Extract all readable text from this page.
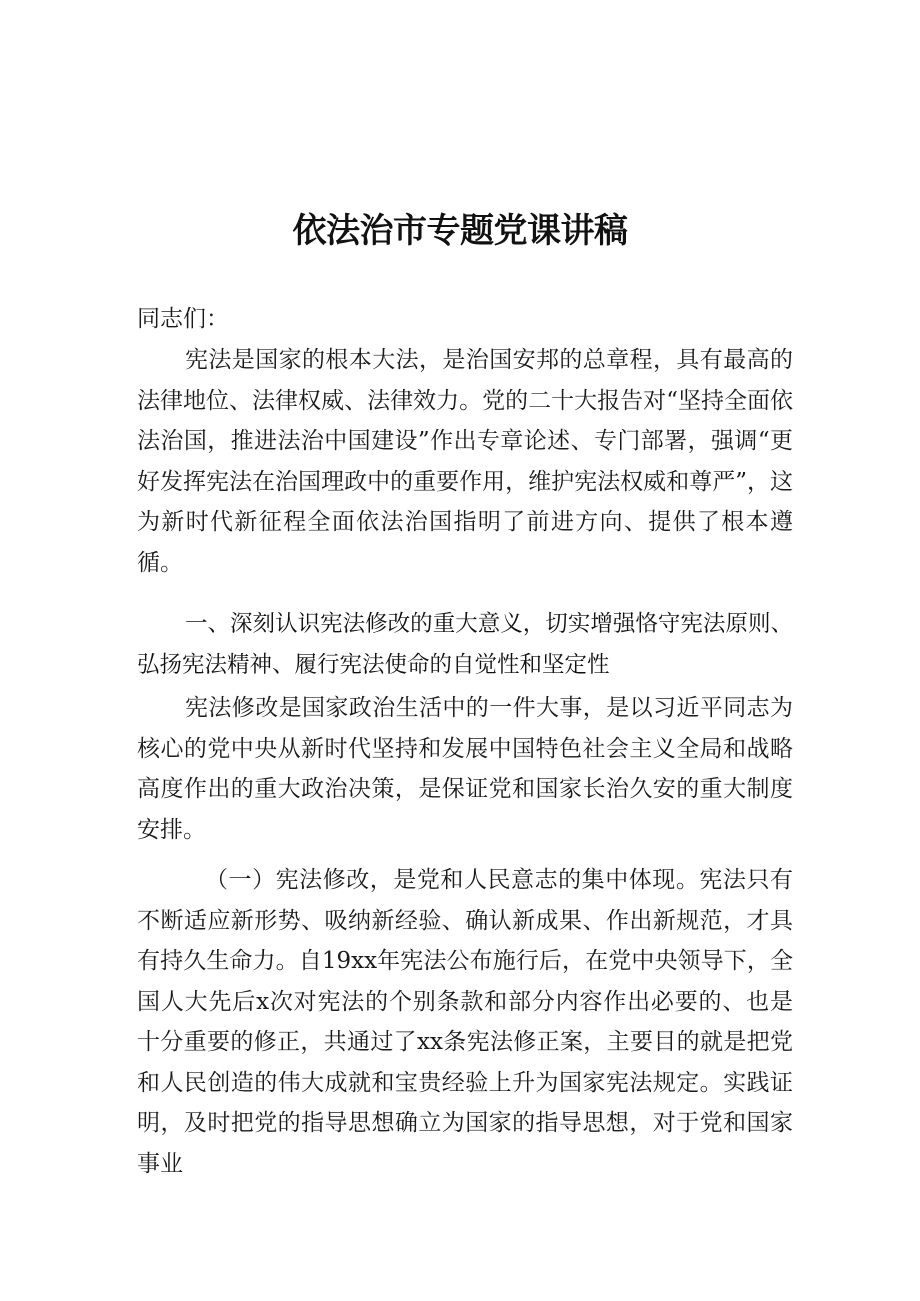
依法治市专题党课讲稿

同志们：

宪法是国家的根本大法，是治国安邦的总章程，具有最高的法律地位、法律权威、法律效力。党的二十大报告对“坚持全面依法治国，推进法治中国建设”作出专章论述、专门部署，强调“更好发挥宪法在治国理政中的重要作用，维护宪法权威和尊严”，这为新时代新征程全面依法治国指明了前进方向、提供了根本遵循。

一、深刻认识宪法修改的重大意义，切实增强恪守宪法原则、弘扬宪法精神、履行宪法使命的自觉性和坚定性

宪法修改是国家政治生活中的一件大事，是以习近平同志为核心的党中央从新时代坚持和发展中国特色社会主义全局和战略高度作出的重大政治决策，是保证党和国家长治久安的重大制度安排。

（一）宪法修改，是党和人民意志的集中体现。宪法只有不断适应新形势、吸纳新经验、确认新成果、作出新规范，才具有持久生命力。自19xx年宪法公布施行后，在党中央领导下，全国人大先后x次对宪法的个别条款和部分内容作出必要的、也是十分重要的修正，共通过了xx条宪法修正案，主要目的就是把党和人民创造的伟大成就和宝贵经验上升为国家宪法规定。实践证明，及时把党的指导思想确立为国家的指导思想，对于党和国家事业
